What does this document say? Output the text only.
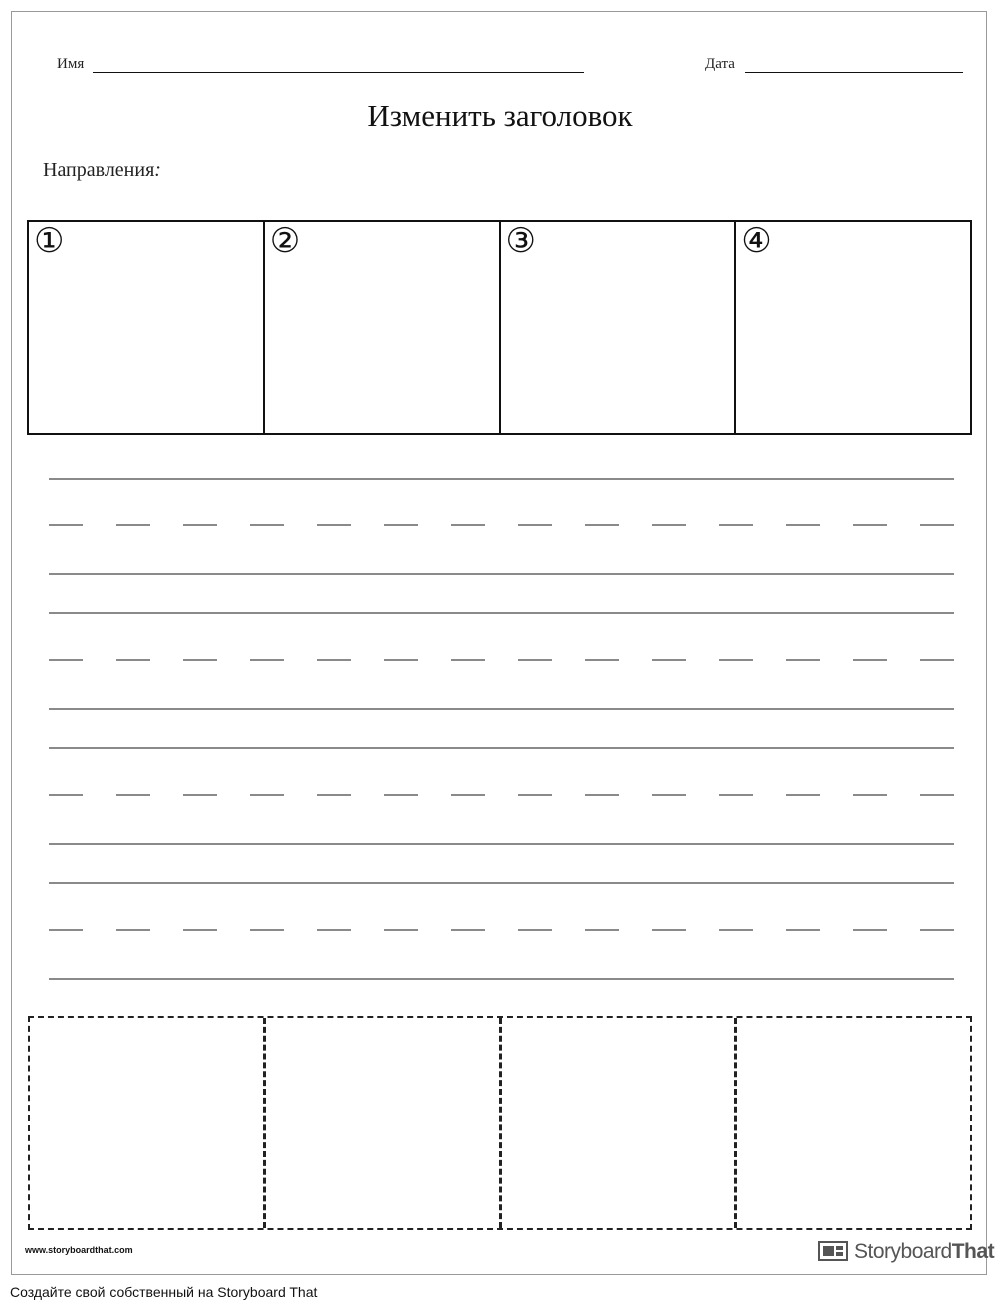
Имя	Дата
Изменить заголовок
Направления:
①	②	③	④
www.storyboardthat.com	StoryboardThat
Создайте свой собственный на Storyboard That
